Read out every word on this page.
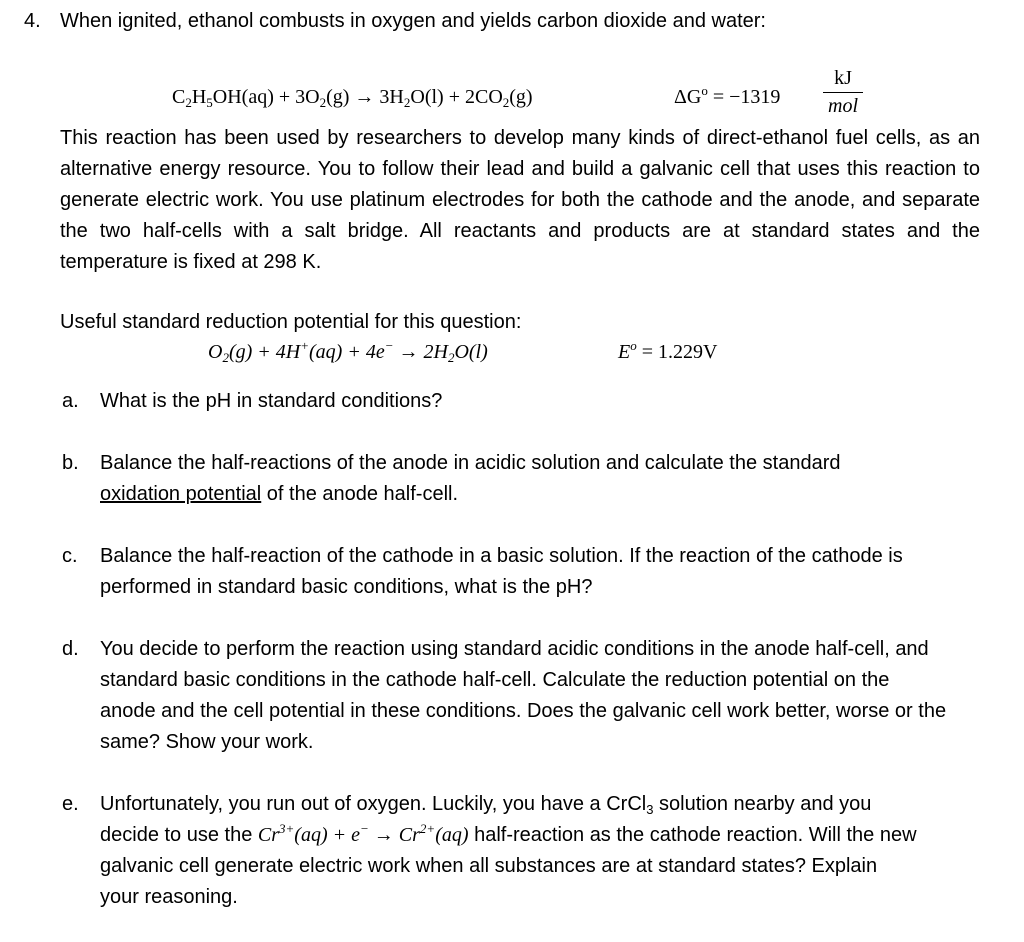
4. When ignited, ethanol combusts in oxygen and yields carbon dioxide and water:
$C_2H_5OH(aq) + 3O_2(g) \to 3H_2O(l) + 2CO_2(g)$	$\Delta G^o = -1319$
kJ
mol
This reaction has been used by researchers to develop many kinds of direct-ethanol fuel cells, as an alternative energy resource. You to follow their lead and build a galvanic cell that uses this reaction to generate electric work. You use platinum electrodes for both the cathode and the anode, and separate the two half-cells with a salt bridge. All reactants and products are at standard states and the temperature is fixed at 298 K.
Useful standard reduction potential for this question:
$O_2(g) + 4H^+(aq) + 4e^- \to 2H_2O(l)$	$E^o = 1.229V$
a. What is the pH in standard conditions?
b. Balance the half-reactions of the anode in acidic solution and calculate the standard oxidation potential of the anode half-cell.
c. Balance the half-reaction of the cathode in a basic solution. If the reaction of the cathode is performed in standard basic conditions, what is the pH?
d. You decide to perform the reaction using standard acidic conditions in the anode half-cell, and standard basic conditions in the cathode half-cell. Calculate the reduction potential on the anode and the cell potential in these conditions. Does the galvanic cell work better, worse or the same? Show your work.
e. Unfortunately, you run out of oxygen. Luckily, you have a CrCl$_3$ solution nearby and you decide to use the $Cr^{3+}(aq) + e^- \to Cr^{2+}(aq)$ half-reaction as the cathode reaction. Will the new galvanic cell generate electric work when all substances are at standard states? Explain your reasoning.
